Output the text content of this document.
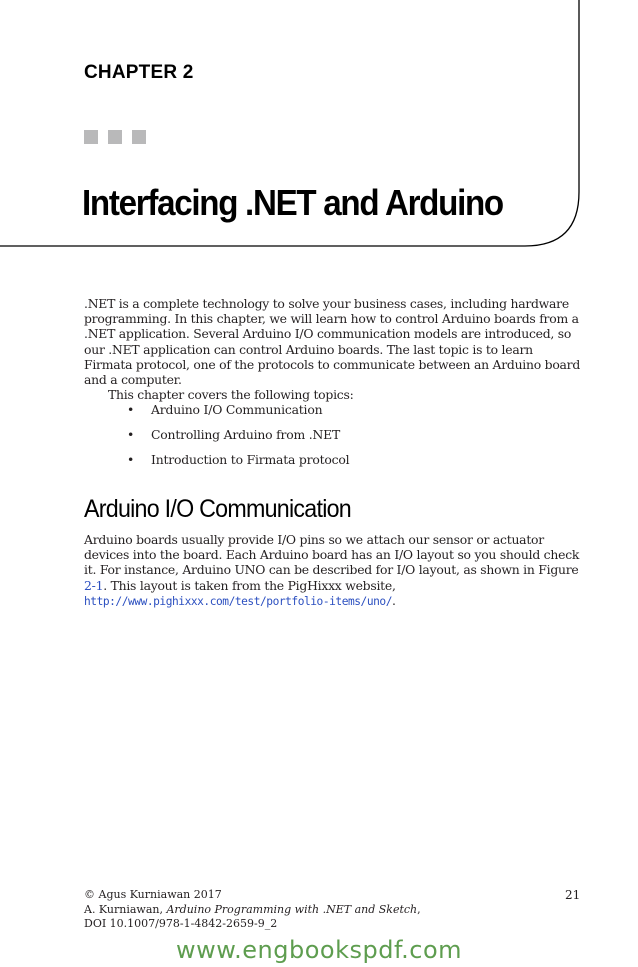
CHAPTER 2
Interfacing .NET and Arduino

.NET is a complete technology to solve your business cases, including hardware programming. In this chapter, we will learn how to control Arduino boards from a .NET application. Several Arduino I/O communication models are introduced, so our .NET application can control Arduino boards. The last topic is to learn Firmata protocol, one of the protocols to communicate between an Arduino board and a computer.

This chapter covers the following topics:

•	Arduino I/O Communication
•	Controlling Arduino from .NET
•	Introduction to Firmata protocol
Arduino I/O Communication

Arduino boards usually provide I/O pins so we attach our sensor or actuator devices into the board. Each Arduino board has an I/O layout so you should check it. For instance, Arduino UNO can be described for I/O layout, as shown in Figure 2-1. This layout is taken from the PigHixxx website, http://www.pighixxx.com/test/portfolio-items/uno/.

© Agus Kurniawan 2017
A. Kurniawan, Arduino Programming with .NET and Sketch,
DOI 10.1007/978-1-4842-2659-9_2
21
www.engbookspdf.com
